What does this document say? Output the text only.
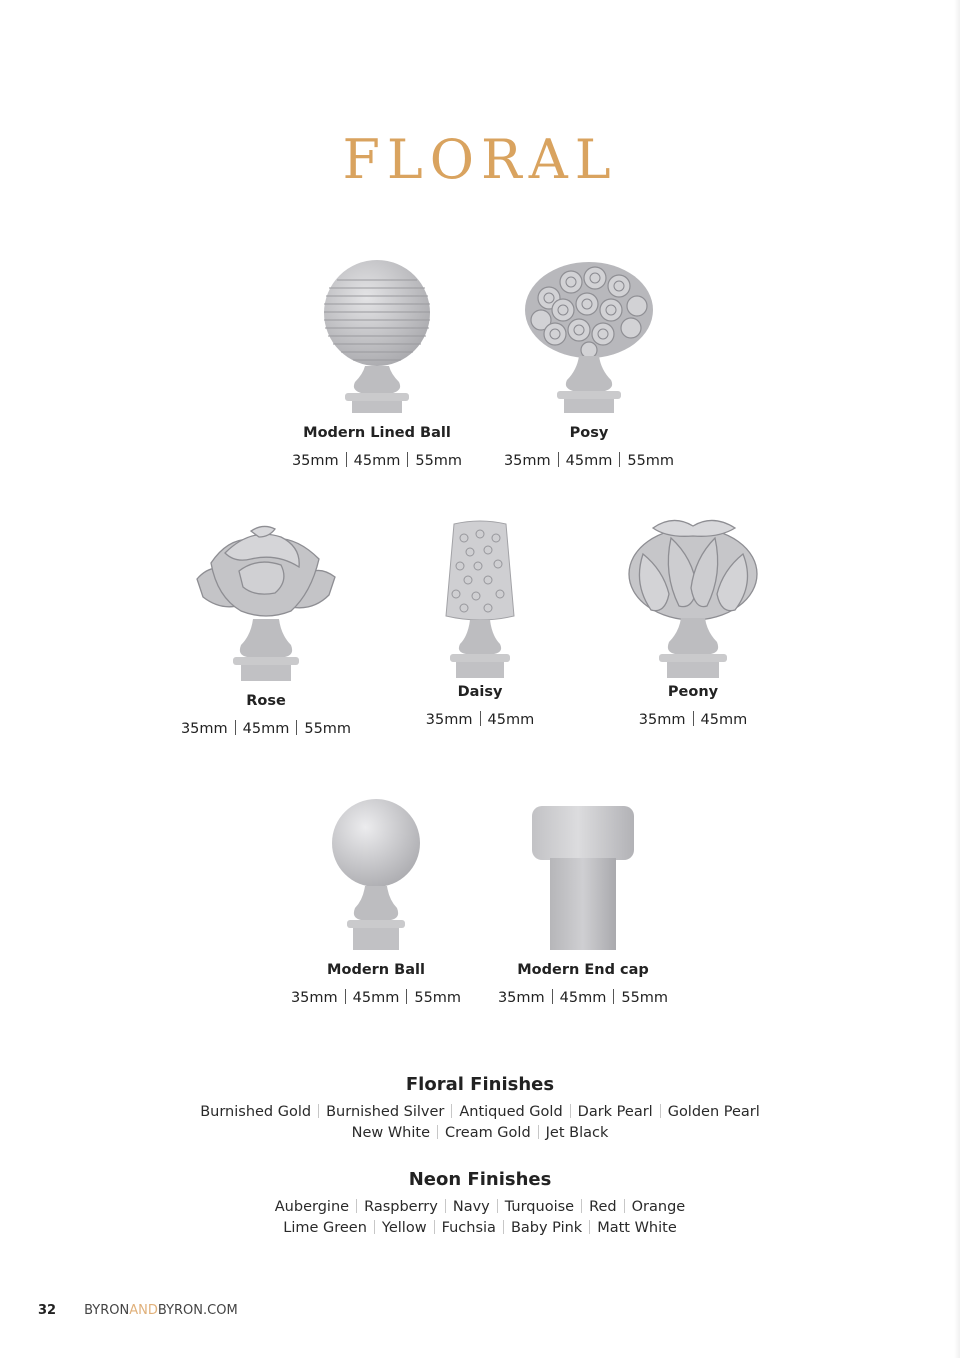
FLORAL
Modern Lined Ball
35mm 45mm 55mm
Posy
35mm 45mm 55mm
Rose
35mm 45mm 55mm
Daisy
35mm 45mm
Peony
35mm 45mm
Modern Ball
35mm 45mm 55mm
Modern End cap
35mm 45mm 55mm
Floral Finishes
Burnished Gold Burnished Silver Antiqued Gold Dark Pearl Golden Pearl
New White Cream Gold Jet Black
Neon Finishes
Aubergine Raspberry Navy Turquoise Red Orange
Lime Green Yellow Fuchsia Baby Pink Matt White
32 BYRONANDBYRON.COM
